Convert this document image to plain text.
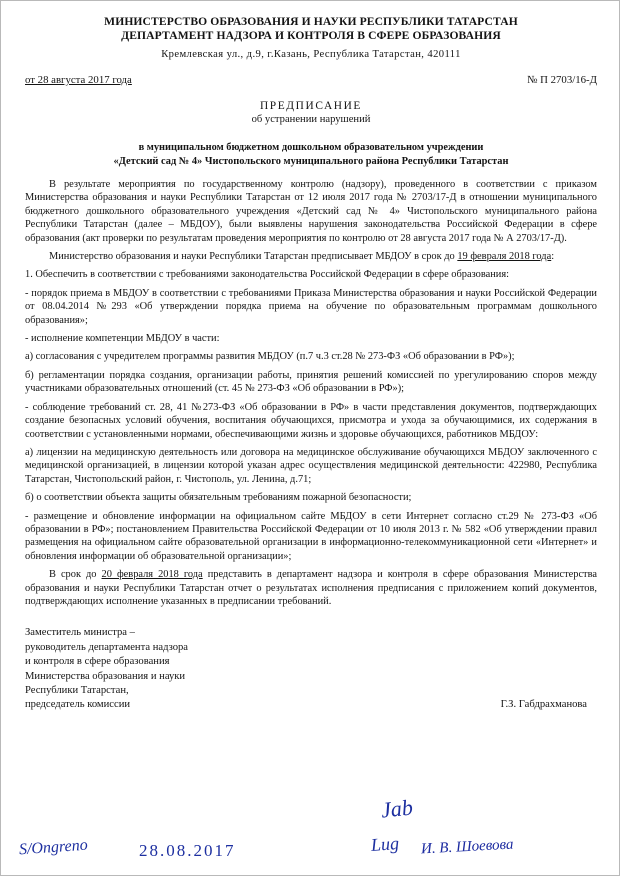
МИНИСТЕРСТВО ОБРАЗОВАНИЯ И НАУКИ РЕСПУБЛИКИ ТАТАРСТАН
ДЕПАРТАМЕНТ НАДЗОРА И КОНТРОЛЯ В СФЕРЕ ОБРАЗОВАНИЯ
Кремлевская ул., д.9, г.Казань, Республика Татарстан, 420111
от 28 августа 2017 года	№ П 2703/16-Д
ПРЕДПИСАНИЕ
об устранении нарушений
в муниципальном бюджетном дошкольном образовательном учреждении
«Детский сад № 4» Чистопольского муниципального района Республики Татарстан

В результате мероприятия по государственному контролю (надзору), проведенного в соответствии с приказом Министерства образования и науки Республики Татарстан от 12 июля 2017 года № 2703/17-Д в отношении муниципального бюджетного дошкольного образовательного учреждения «Детский сад № 4» Чистопольского муниципального района Республики Татарстан (далее – МБДОУ), были выявлены нарушения законодательства Российской Федерации в сфере образования (акт проверки по результатам проведения мероприятия по контролю от 28 августа 2017 года № А 2703/17-Д).

Министерство образования и науки Республики Татарстан предписывает МБДОУ в срок до 19 февраля 2018 года:

1. Обеспечить в соответствии с требованиями законодательства Российской Федерации в сфере образования:

- порядок приема в МБДОУ в соответствии с требованиями Приказа Министерства образования и науки Российской Федерации от 08.04.2014 №293 «Об утверждении порядка приема на обучение по образовательным программам дошкольного образования»;

- исполнение компетенции МБДОУ в части:

а) согласования с учредителем программы развития МБДОУ (п.7 ч.3 ст.28 № 273-ФЗ «Об образовании в РФ»);

б) регламентации порядка создания, организации работы, принятия решений комиссией по урегулированию споров между участниками образовательных отношений (ст. 45 № 273-ФЗ «Об образовании в РФ»);

- соблюдение требований ст. 28, 41 №273-ФЗ «Об образовании в РФ» в части представления документов, подтверждающих создание безопасных условий обучения, воспитания обучающихся, присмотра и ухода за обучающимися, их содержания в соответствии с установленными нормами, обеспечивающими жизнь и здоровье обучающихся, работников МБДОУ:

а) лицензии на медицинскую деятельность или договора на медицинское обслуживание обучающихся МБДОУ заключенного с медицинской организацией, в лицензии которой указан адрес осуществления медицинской деятельности: 422980, Республика Татарстан, Чистопольский район, г. Чистополь, ул. Ленина, д.71;

б) о соответствии объекта защиты обязательным требованиям пожарной безопасности;

- размещение и обновление информации на официальном сайте МБДОУ в сети Интернет согласно ст.29 № 273-ФЗ «Об образовании в РФ»; постановлением Правительства Российской Федерации от 10 июля 2013 г. № 582 «Об утверждении правил размещения на официальном сайте образовательной организации в информационно-телекоммуникационной сети «Интернет» и обновления информации об образовательной организации»;

В срок до 20 февраля 2018 года представить в департамент надзора и контроля в сфере образования Министерства образования и науки Республики Татарстан отчет о результатах исполнения предписания с приложением копий документов, подтверждающих исполнение указанных в предписании требований.

Заместитель министра –
руководитель департамента надзора
и контроля в сфере образования
Министерства образования и науки
Республики Татарстан,
председатель комиссии	Г.З. Габдрахманова
Jab
Lug И. В. Шоевова
S/Ongreno	28.08.2017
